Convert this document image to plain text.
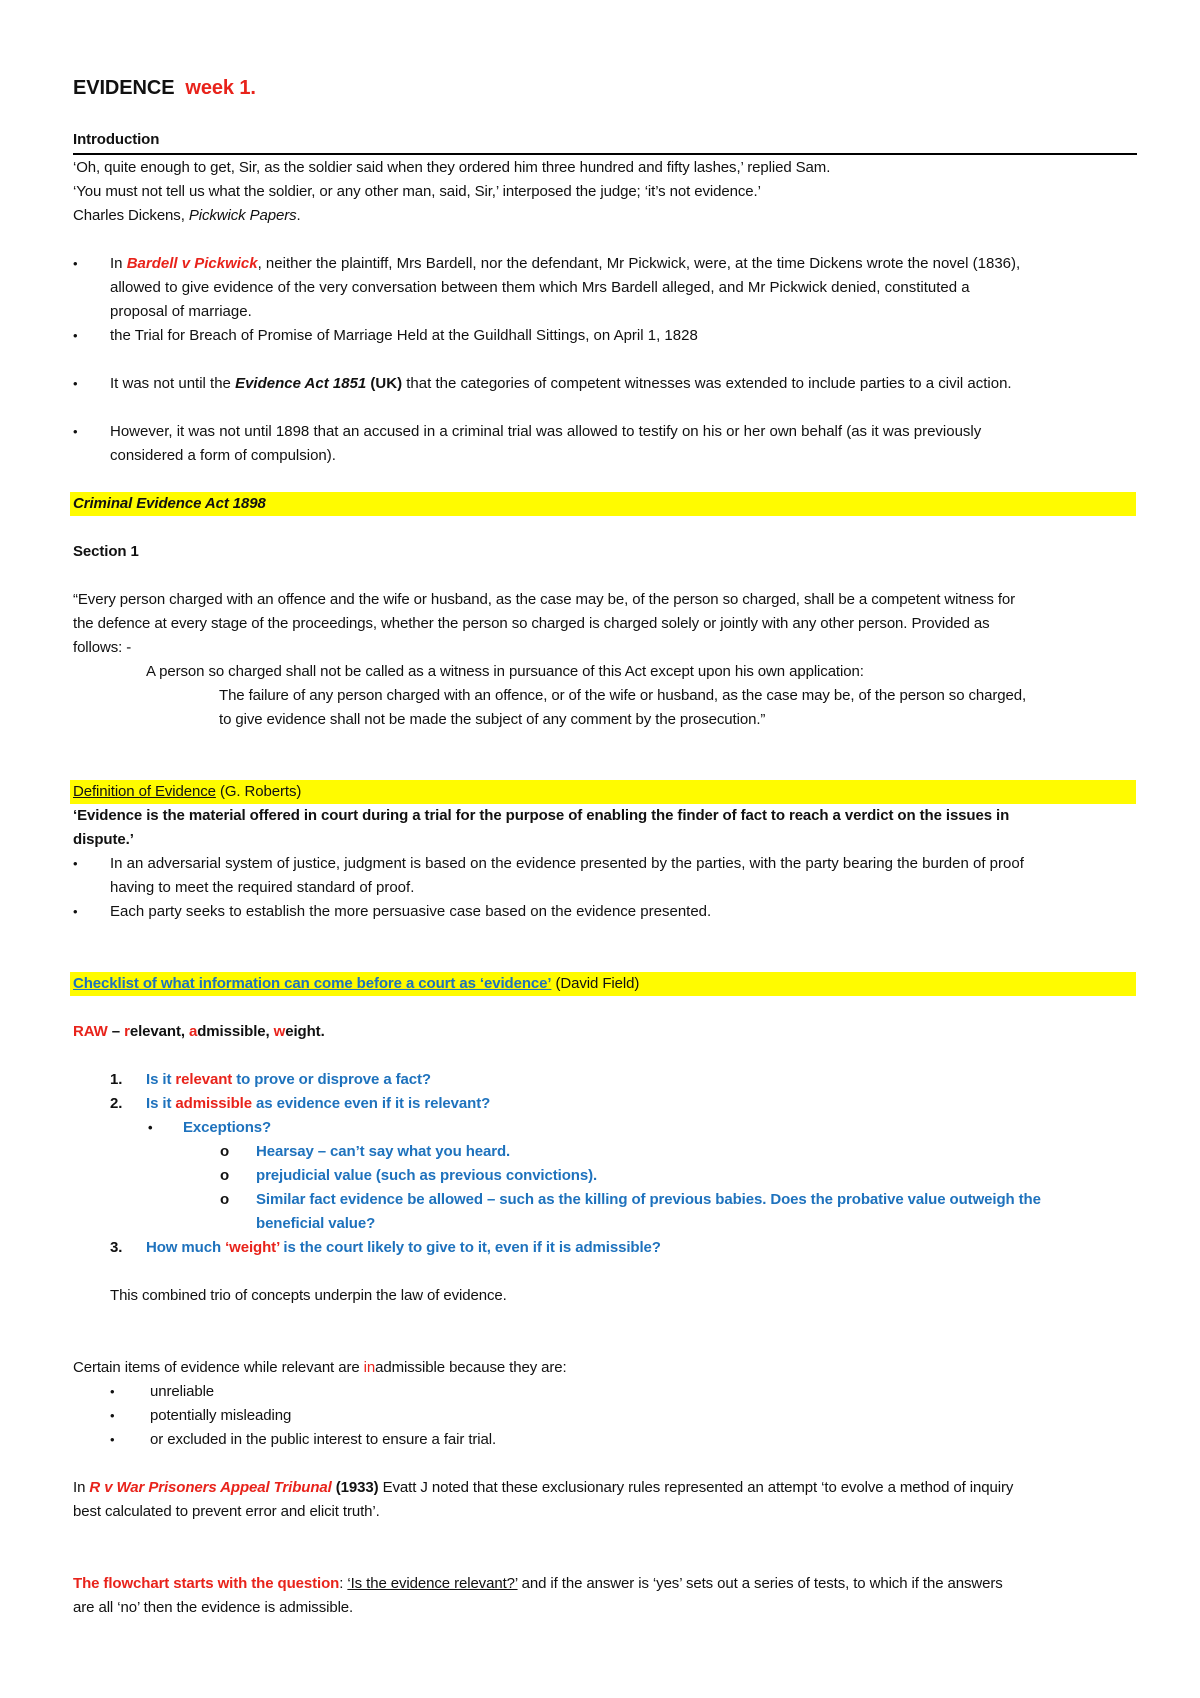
EVIDENCE week 1.
Introduction
‘Oh, quite enough to get, Sir, as the soldier said when they ordered him three hundred and fifty lashes,’ replied Sam.
‘You must not tell us what the soldier, or any other man, said, Sir,’ interposed the judge; ‘it’s not evidence.’
Charles Dickens, Pickwick Papers.
• In Bardell v Pickwick, neither the plaintiff, Mrs Bardell, nor the defendant, Mr Pickwick, were, at the time Dickens wrote the novel (1836),
allowed to give evidence of the very conversation between them which Mrs Bardell alleged, and Mr Pickwick denied, constituted a
proposal of marriage.
• the Trial for Breach of Promise of Marriage Held at the Guildhall Sittings, on April 1, 1828
• It was not until the Evidence Act 1851 (UK) that the categories of competent witnesses was extended to include parties to a civil action.
• However, it was not until 1898 that an accused in a criminal trial was allowed to testify on his or her own behalf (as it was previously
considered a form of compulsion).
Criminal Evidence Act 1898
Section 1
“Every person charged with an offence and the wife or husband, as the case may be, of the person so charged, shall be a competent witness for
the defence at every stage of the proceedings, whether the person so charged is charged solely or jointly with any other person. Provided as
follows: -
A person so charged shall not be called as a witness in pursuance of this Act except upon his own application:
The failure of any person charged with an offence, or of the wife or husband, as the case may be, of the person so charged,
to give evidence shall not be made the subject of any comment by the prosecution.”
Definition of Evidence (G. Roberts)
‘Evidence is the material offered in court during a trial for the purpose of enabling the finder of fact to reach a verdict on the issues in
dispute.’
• In an adversarial system of justice, judgment is based on the evidence presented by the parties, with the party bearing the burden of proof
having to meet the required standard of proof.
• Each party seeks to establish the more persuasive case based on the evidence presented.
Checklist of what information can come before a court as ‘evidence’ (David Field)
RAW – relevant, admissible, weight.
1. Is it relevant to prove or disprove a fact?
2. Is it admissible as evidence even if it is relevant?
• Exceptions?
o Hearsay – can’t say what you heard.
o prejudicial value (such as previous convictions).
o Similar fact evidence be allowed – such as the killing of previous babies. Does the probative value outweigh the
beneficial value?
3. How much ‘weight’ is the court likely to give to it, even if it is admissible?
This combined trio of concepts underpin the law of evidence.
Certain items of evidence while relevant are inadmissible because they are:
• unreliable
• potentially misleading
• or excluded in the public interest to ensure a fair trial.
In R v War Prisoners Appeal Tribunal (1933) Evatt J noted that these exclusionary rules represented an attempt ‘to evolve a method of inquiry
best calculated to prevent error and elicit truth’.
The flowchart starts with the question: ‘Is the evidence relevant?’ and if the answer is ‘yes’ sets out a series of tests, to which if the answers
are all ‘no’ then the evidence is admissible.
